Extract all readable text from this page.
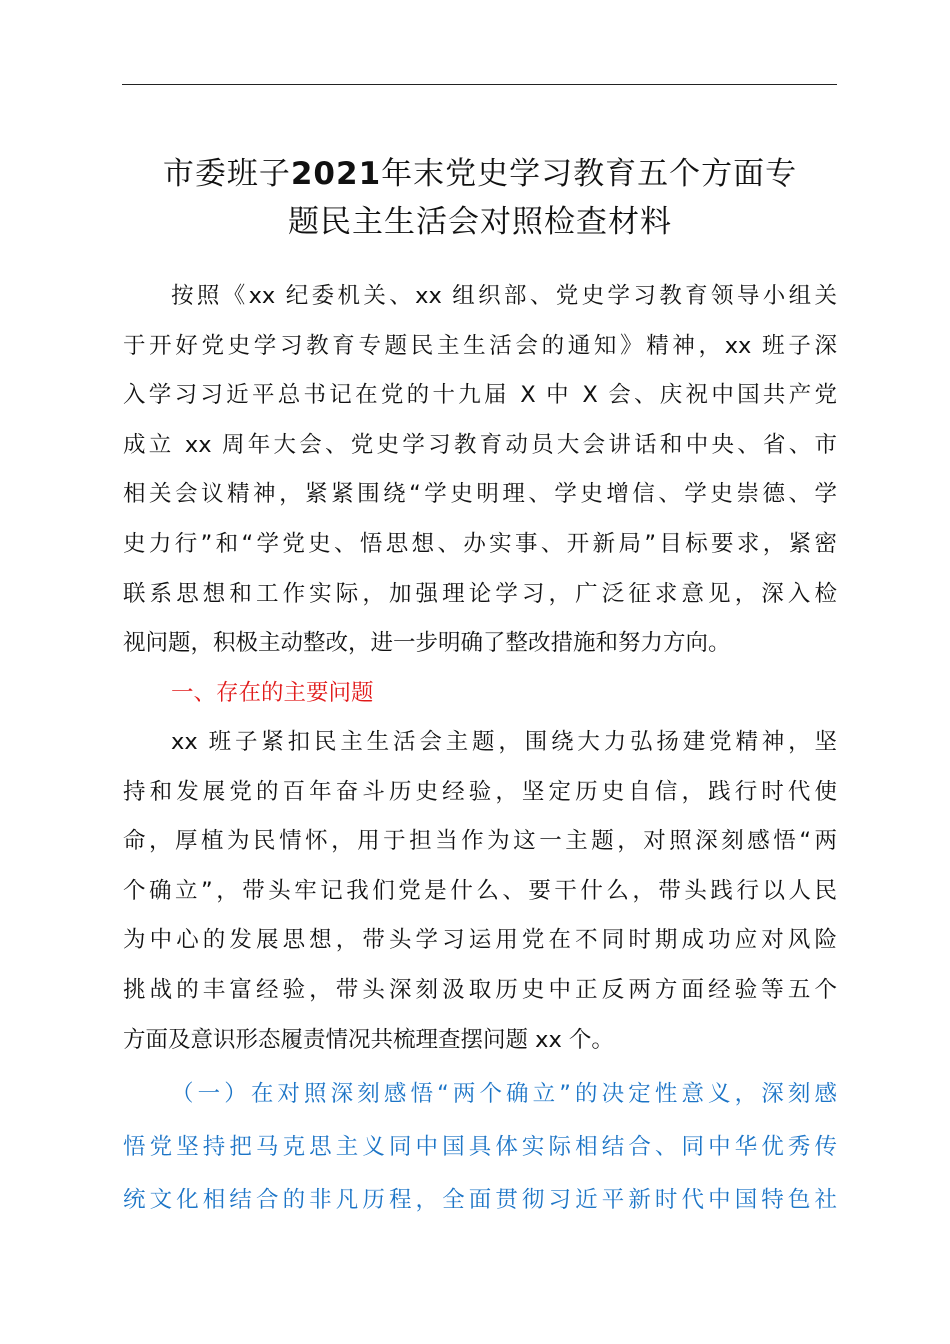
市委班子2021年末党史学习教育五个方面专
题民主生活会对照检查材料
按照《xx 纪委机关、xx 组织部、党史学习教育领导小组关
于开好党史学习教育专题民主生活会的通知》精神，xx 班子深
入学习习近平总书记在党的十九届 X 中 X 会、庆祝中国共产党
成立 xx 周年大会、党史学习教育动员大会讲话和中央、省、市
相关会议精神，紧紧围绕“学史明理、学史增信、学史崇德、学
史力行”和“学党史、悟思想、办实事、开新局”目标要求，紧密
联系思想和工作实际，加强理论学习，广泛征求意见，深入检
视问题，积极主动整改，进一步明确了整改措施和努力方向。
一、存在的主要问题
xx 班子紧扣民主生活会主题，围绕大力弘扬建党精神，坚
持和发展党的百年奋斗历史经验，坚定历史自信，践行时代使
命，厚植为民情怀，用于担当作为这一主题，对照深刻感悟“两
个确立”，带头牢记我们党是什么、要干什么，带头践行以人民
为中心的发展思想，带头学习运用党在不同时期成功应对风险
挑战的丰富经验，带头深刻汲取历史中正反两方面经验等五个
方面及意识形态履责情况共梳理查摆问题 xx 个。
（一）在对照深刻感悟“两个确立”的决定性意义，深刻感
悟党坚持把马克思主义同中国具体实际相结合、同中华优秀传
统文化相结合的非凡历程，全面贯彻习近平新时代中国特色社
